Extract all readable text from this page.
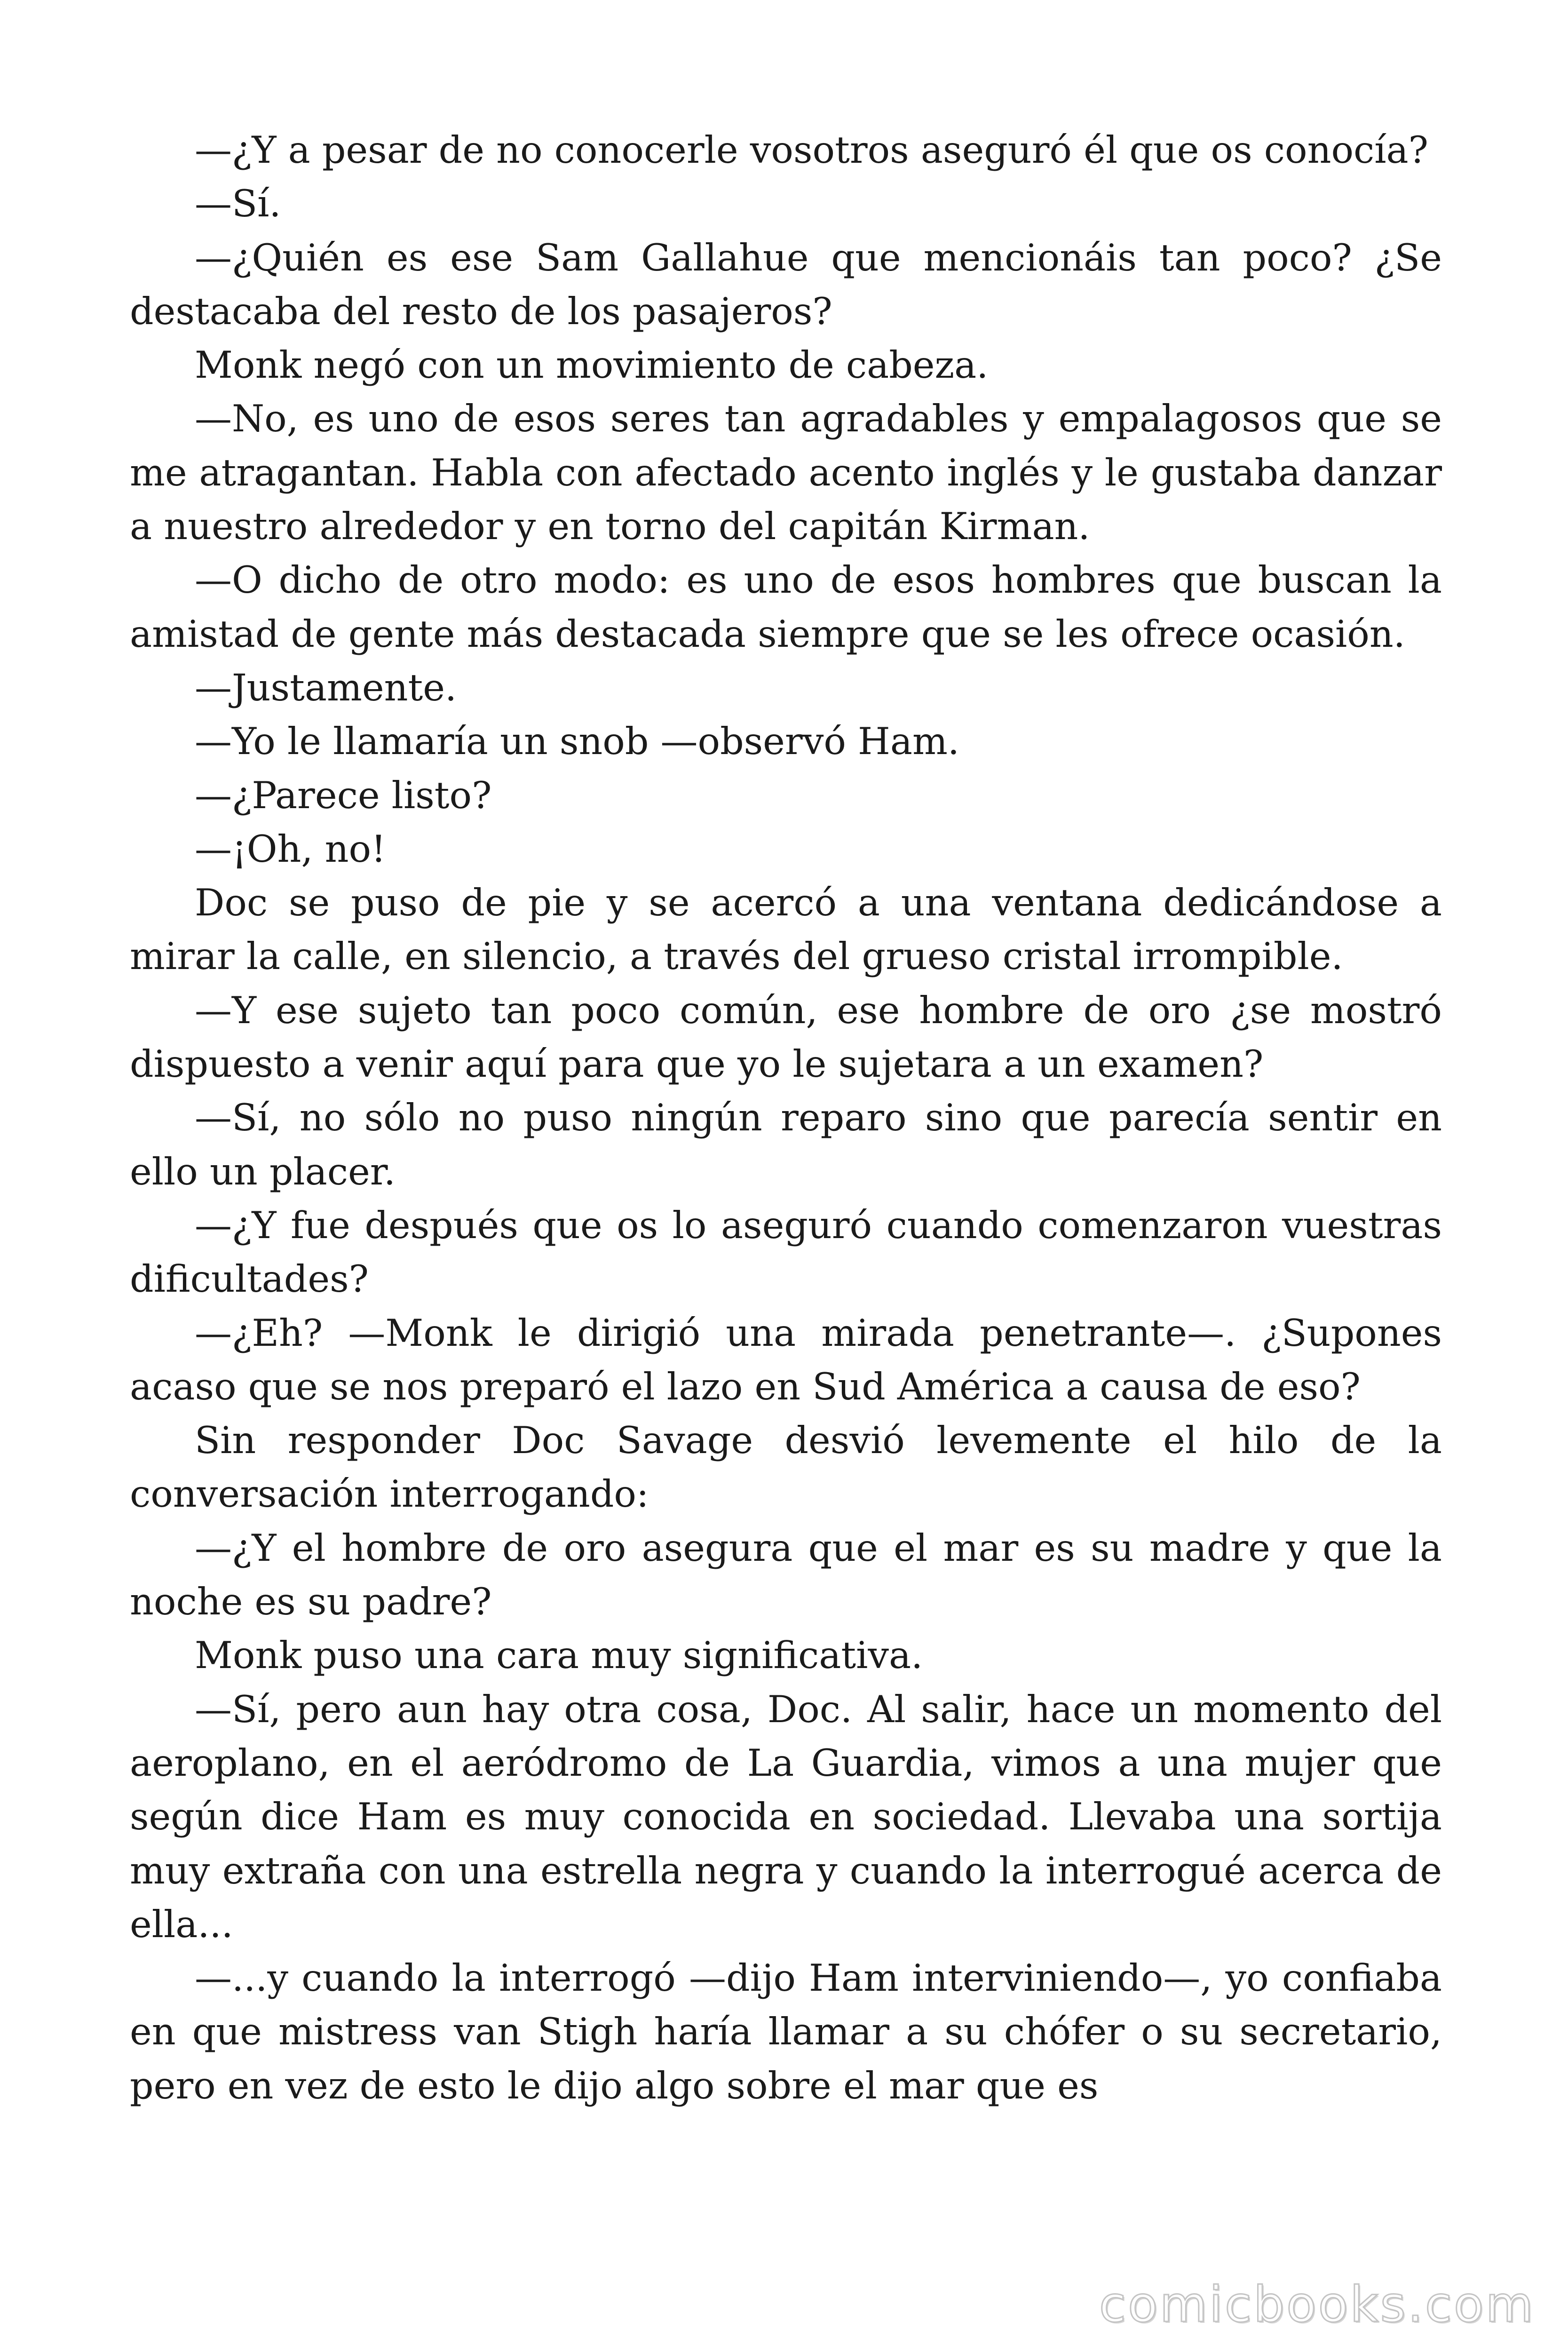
—¿Y a pesar de no conocerle vosotros aseguró él que os conocía?

—Sí.

—¿Quién es ese Sam Gallahue que mencionáis tan poco? ¿Se destacaba del resto de los pasajeros?

Monk negó con un movimiento de cabeza.

—No, es uno de esos seres tan agradables y empalagosos que se me atragantan. Habla con afectado acento inglés y le gustaba danzar a nuestro alrededor y en torno del capitán Kirman.

—O dicho de otro modo: es uno de esos hombres que buscan la amistad de gente más destacada siempre que se les ofrece ocasión.

—Justamente.

—Yo le llamaría un snob —observó Ham.

—¿Parece listo?

—¡Oh, no!

Doc se puso de pie y se acercó a una ventana dedicándose a mirar la calle, en silencio, a través del grueso cristal irrompible.

—Y ese sujeto tan poco común, ese hombre de oro ¿se mostró dispuesto a venir aquí para que yo le sujetara a un examen?

—Sí, no sólo no puso ningún reparo sino que parecía sentir en ello un placer.

—¿Y fue después que os lo aseguró cuando comenzaron vuestras dificultades?

—¿Eh? —Monk le dirigió una mirada penetrante—. ¿Supones acaso que se nos preparó el lazo en Sud América a causa de eso?

Sin responder Doc Savage desvió levemente el hilo de la conversación interrogando:

—¿Y el hombre de oro asegura que el mar es su madre y que la noche es su padre?

Monk puso una cara muy significativa.

—Sí, pero aun hay otra cosa, Doc. Al salir, hace un momento del aeroplano, en el aeródromo de La Guardia, vimos a una mujer que según dice Ham es muy conocida en sociedad. Llevaba una sortija muy extraña con una estrella negra y cuando la interrogué acerca de ella...

—...y cuando la interrogó —dijo Ham interviniendo—, yo confiaba en que mistress van Stigh haría llamar a su chófer o su secretario, pero en vez de esto le dijo algo sobre el mar que es

comicbooks.com
